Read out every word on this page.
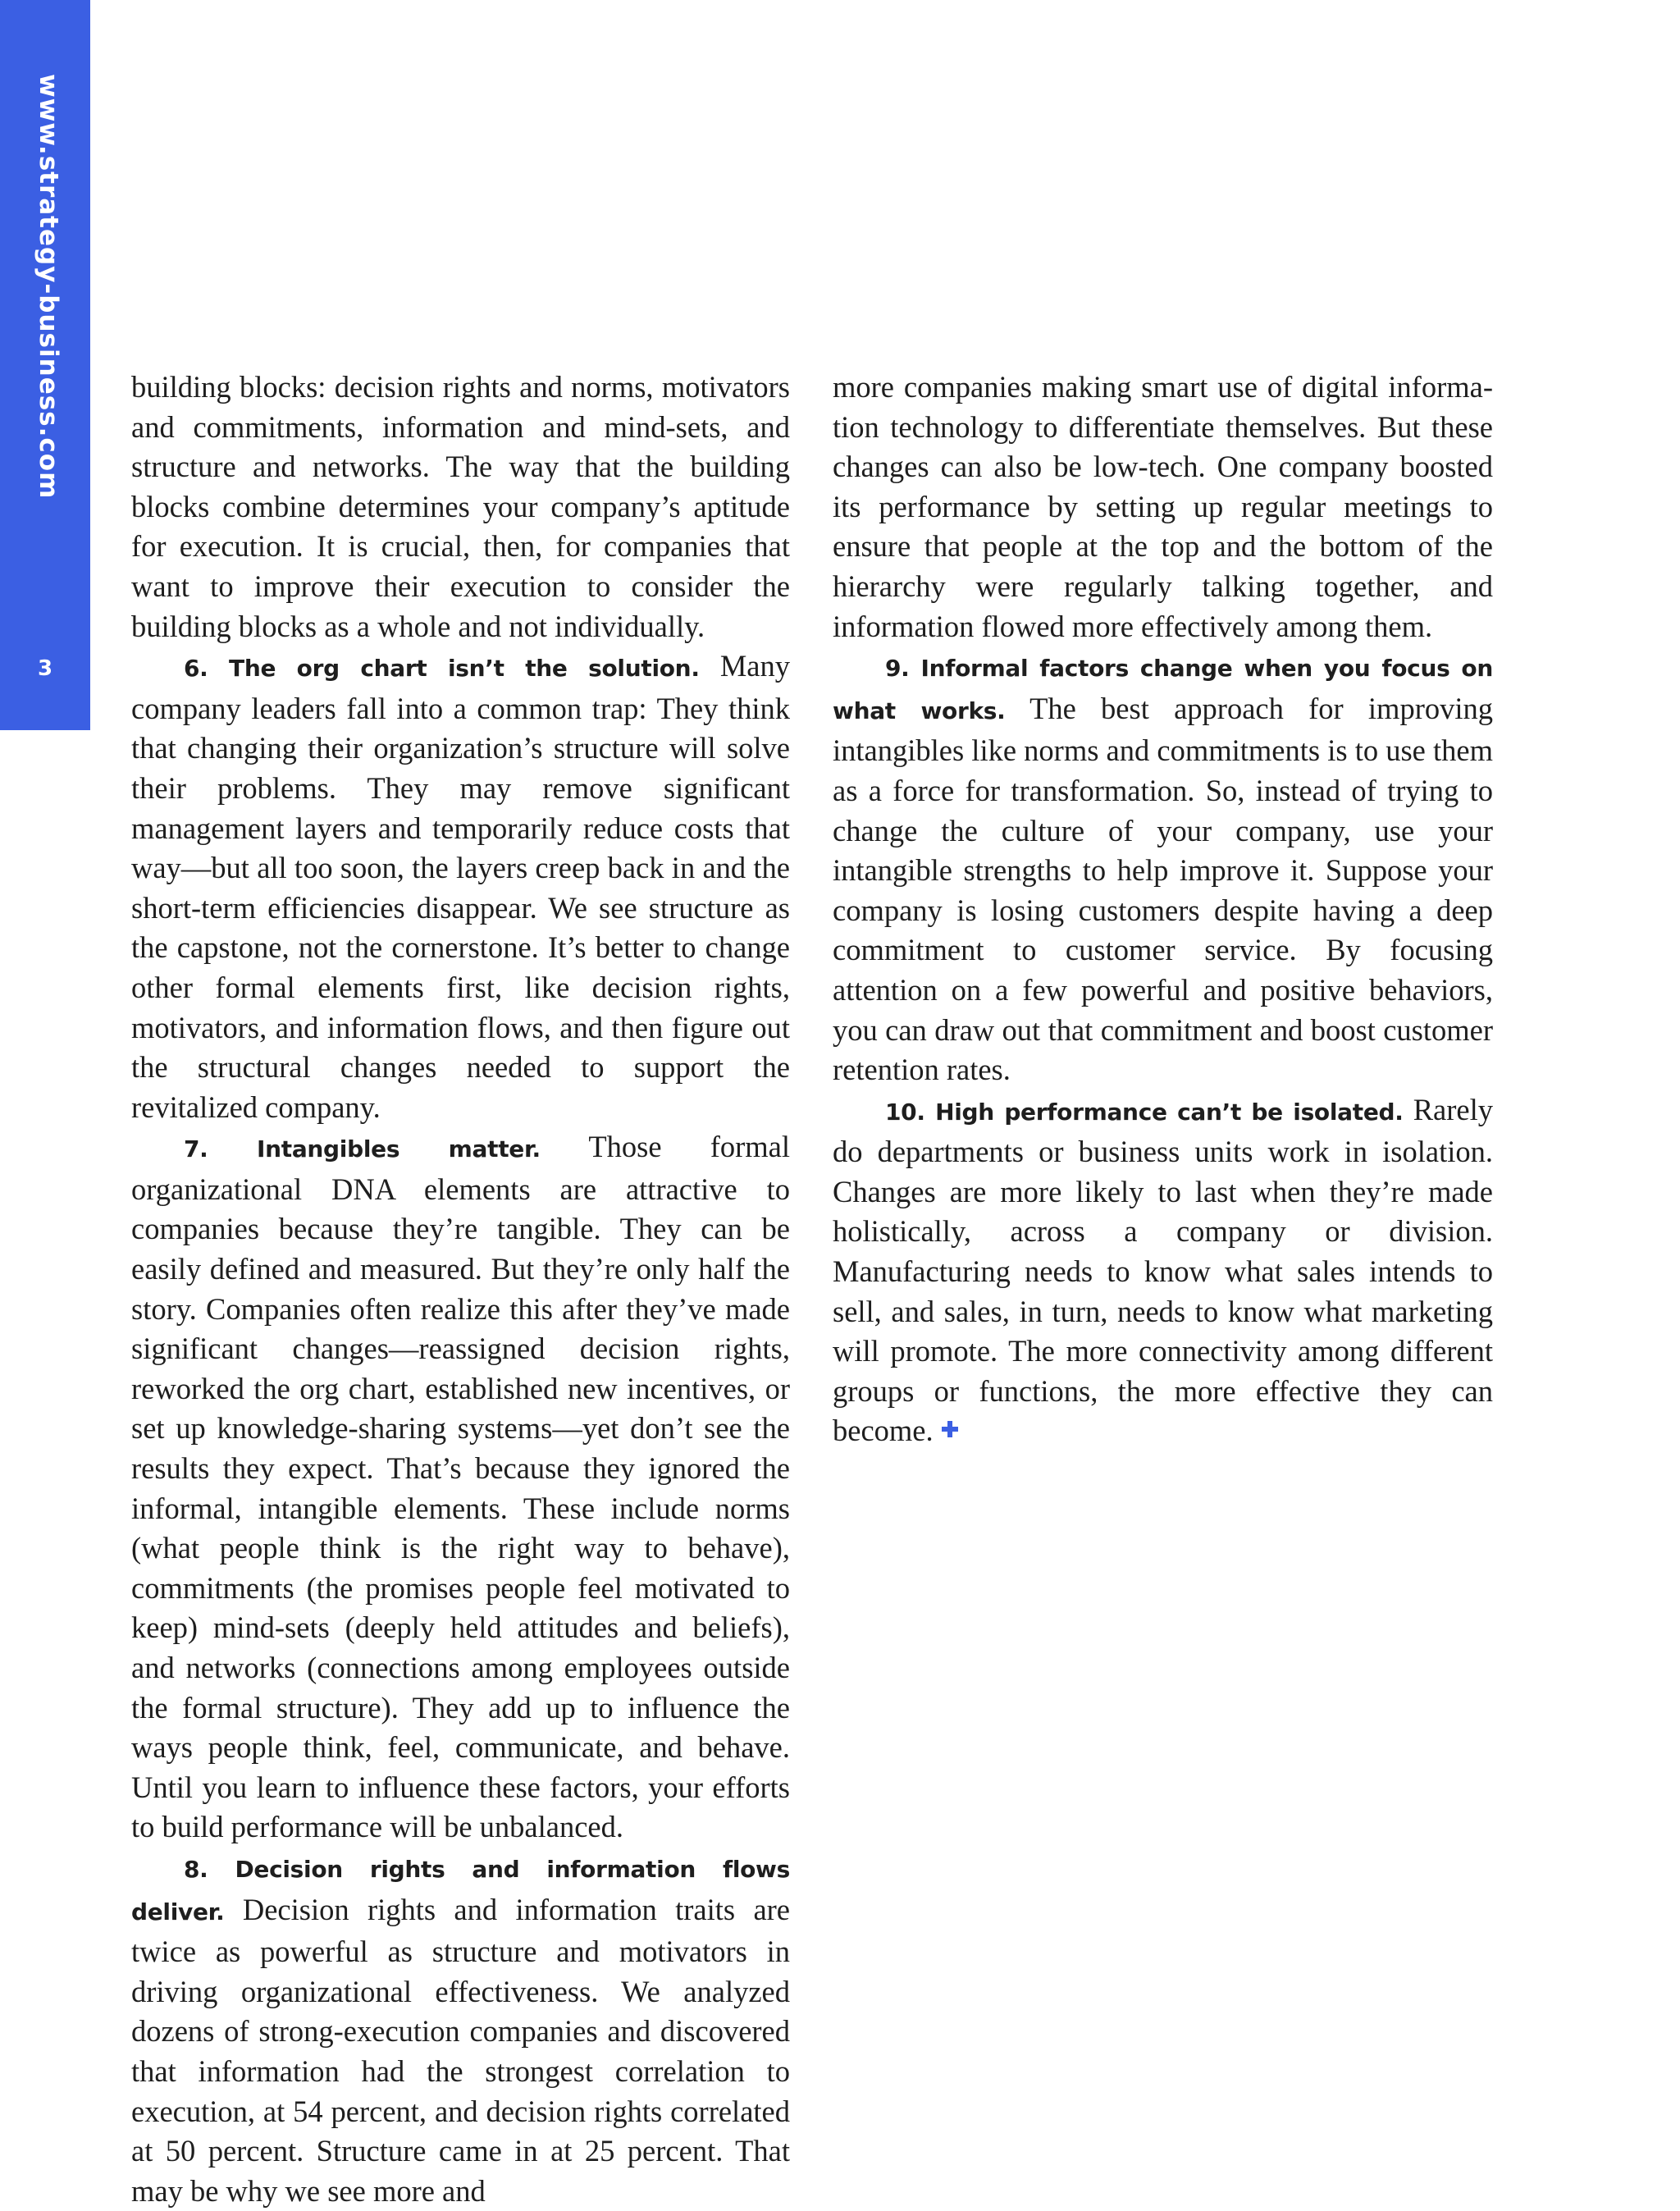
www.strategy-business.com
3

building blocks: decision rights and norms, motivators and commitments, information and mind-sets, and structure and networks. The way that the building blocks combine determines your company’s aptitude for execution. It is crucial, then, for companies that want to improve their execution to consider the building blocks as a whole and not individually.

6. The org chart isn’t the solution. Many company leaders fall into a common trap: They think that changing their organization’s structure will solve their problems. They may remove significant management layers and temporarily reduce costs that way—but all too soon, the layers creep back in and the short-term efficiencies disappear. We see structure as the capstone, not the cornerstone. It’s better to change other formal elements first, like decision rights, motivators, and information flows, and then figure out the structural changes needed to support the revitalized company.

7. Intangibles matter. Those formal organizational DNA elements are attractive to companies because they’re tangible. They can be easily defined and measured. But they’re only half the story. Companies often realize this after they’ve made significant changes—reassigned decision rights, reworked the org chart, established new incentives, or set up knowledge-sharing systems—yet don’t see the results they expect. That’s because they ignored the informal, intangible elements. These include norms (what people think is the right way to behave), commitments (the promises people feel motivated to keep) mind-sets (deeply held attitudes and beliefs), and networks (connections among employees outside the formal structure). They add up to influence the ways people think, feel, communicate, and behave. Until you learn to influence these factors, your efforts to build performance will be unbalanced.

8. Decision rights and information flows deliver. Decision rights and information traits are twice as powerful as structure and motivators in driving organizational effectiveness. We analyzed dozens of strong-execution companies and discovered that information had the strongest correlation to execution, at 54 percent, and decision rights correlated at 50 percent. Structure came in at 25 percent. That may be why we see more and

more companies making smart use of digital information technology to differentiate themselves. But these changes can also be low-tech. One company boosted its performance by setting up regular meetings to ensure that people at the top and the bottom of the hierarchy were regularly talking together, and information flowed more effectively among them.

9. Informal factors change when you focus on what works. The best approach for improving intangibles like norms and commitments is to use them as a force for transformation. So, instead of trying to change the culture of your company, use your intangible strengths to help improve it. Suppose your company is losing customers despite having a deep commitment to customer service. By focusing attention on a few powerful and positive behaviors, you can draw out that commitment and boost customer retention rates.

10. High performance can’t be isolated. Rarely do departments or business units work in isolation. Changes are more likely to last when they’re made holistically, across a company or division. Manufacturing needs to know what sales intends to sell, and sales, in turn, needs to know what marketing will promote. The more connectivity among different groups or functions, the more effective they can become.
